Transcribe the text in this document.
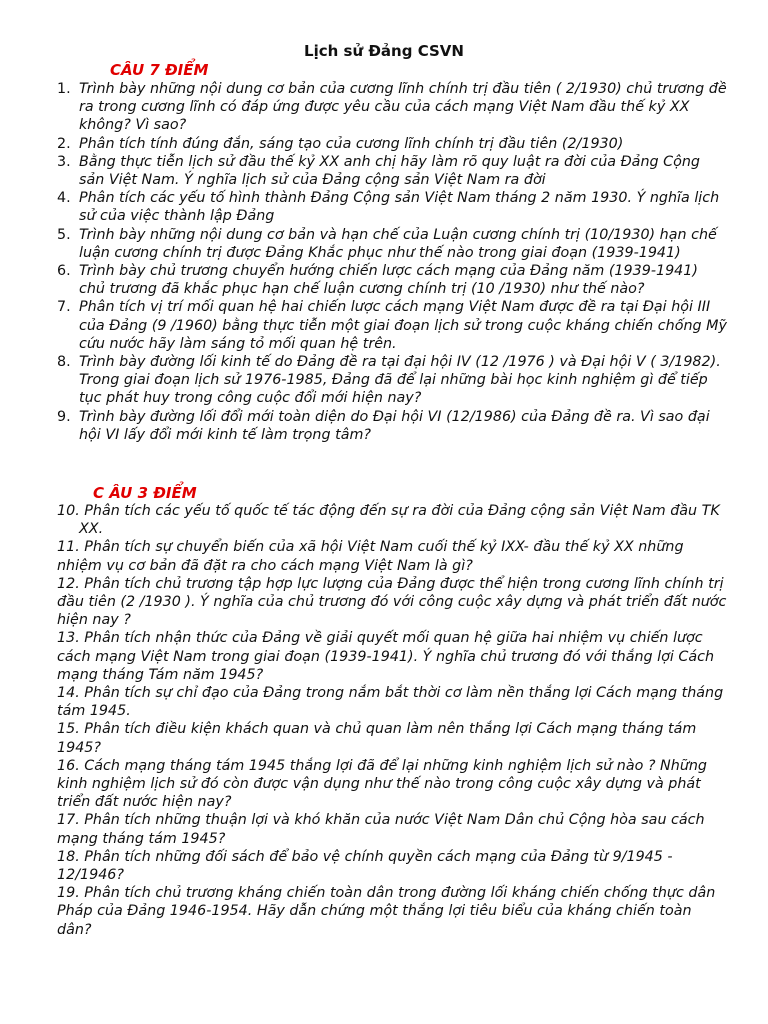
Lịch sử Đảng CSVN
CÂU 7 ĐIỂM
1. Trình bày những nội dung cơ bản của cương lĩnh chính trị đầu tiên ( 2/1930) chủ trương đề ra trong cương lĩnh có đáp ứng được yêu cầu của cách mạng Việt Nam đầu thế kỷ XX không? Vì sao?
2. Phân tích tính đúng đắn, sáng tạo của cương lĩnh chính trị đầu tiên (2/1930)
3. Bằng thực tiễn lịch sử đầu thế kỷ XX anh chị hãy làm rõ quy luật ra đời của Đảng Cộng sản Việt Nam. Ý nghĩa lịch sử của Đảng cộng sản Việt Nam ra đời
4. Phân tích các yếu tố hình thành Đảng Cộng sản Việt Nam tháng 2 năm 1930. Ý nghĩa lịch sử của việc thành lập Đảng
5. Trình bày những nội dung cơ bản và hạn chế của Luận cương chính trị (10/1930) hạn chế luận cương chính trị được Đảng Khắc phục như thế nào trong giai đoạn (1939-1941)
6. Trình bày chủ trương chuyển hướng chiến lược cách mạng của Đảng năm (1939-1941) chủ trương đã khắc phục hạn chế luận cương chính trị (10 /1930) như thế nào?
7. Phân tích vị trí mối quan hệ hai chiến lược cách mạng Việt Nam được đề ra tại Đại hội III của Đảng (9 /1960) bằng thực tiễn một giai đoạn lịch sử trong cuộc kháng chiến chống Mỹ cứu nước hãy làm sáng tỏ mối quan hệ trên.
8. Trình bày đường lối kinh tế do Đảng đề ra tại đại hội IV (12 /1976 ) và Đại hội V ( 3/1982). Trong giai đoạn lịch sử 1976-1985, Đảng đã để lại những bài học kinh nghiệm gì để tiếp tục phát huy trong công cuộc đổi mới hiện nay?
9. Trình bày đường lối đổi mới toàn diện do Đại hội VI (12/1986) của Đảng đề ra. Vì sao đại hội VI lấy đổi mới kinh tế làm trọng tâm?
C ÂU 3 ĐIỂM
10. Phân tích các yếu tố quốc tế tác động đến sự ra đời của Đảng cộng sản Việt Nam đầu TK XX.
11. Phân tích sự chuyển biến của xã hội Việt Nam cuối thế kỷ IXX- đầu thế kỷ XX những nhiệm vụ cơ bản đã đặt ra cho cách mạng Việt Nam là gì?
12. Phân tích chủ trương tập hợp lực lượng của Đảng được thể hiện trong cương lĩnh chính trị đầu tiên (2 /1930 ). Ý nghĩa của chủ trương đó với công cuộc xây dựng và phát triển đất nước hiện nay ?
13. Phân tích nhận thức của Đảng về giải quyết mối quan hệ giữa hai nhiệm vụ chiến lược cách mạng Việt Nam trong giai đoạn (1939-1941). Ý nghĩa chủ trương đó với thắng lợi Cách mạng tháng Tám năm 1945?
14. Phân tích sự chỉ đạo của Đảng trong nắm bắt thời cơ làm nền thắng lợi Cách mạng tháng tám 1945.
15. Phân tích điều kiện khách quan và chủ quan làm nên thắng lợi Cách mạng tháng tám 1945?
16. Cách mạng tháng tám 1945 thắng lợi đã để lại những kinh nghiệm lịch sử nào ? Những kinh nghiệm lịch sử đó còn được vận dụng như thế nào trong công cuộc xây dựng và phát triển đất nước hiện nay?
17. Phân tích những thuận lợi và khó khăn của nước Việt Nam Dân chủ Cộng hòa sau cách mạng tháng tám 1945?
18. Phân tích những đối sách để bảo vệ chính quyền cách mạng của Đảng từ 9/1945 - 12/1946?
19. Phân tích chủ trương kháng chiến toàn dân trong đường lối kháng chiến chống thực dân Pháp của Đảng 1946-1954. Hãy dẫn chứng một thắng lợi tiêu biểu của kháng chiến toàn dân?
